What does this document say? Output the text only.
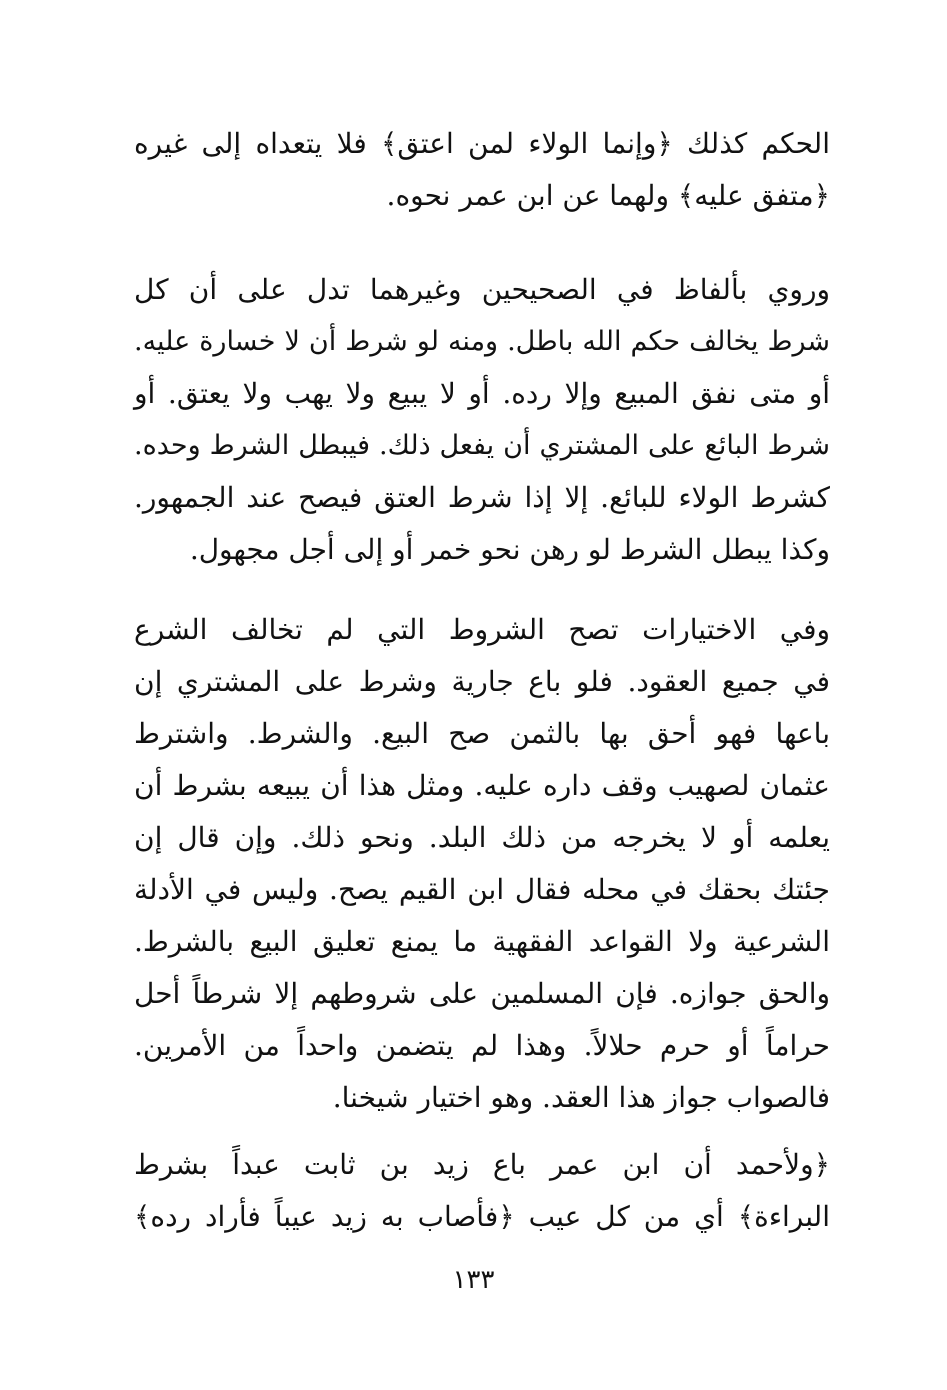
الحكم كذلك ﴿وإنما الولاء لمن اعتق﴾ فلا يتعداه إلى غيره
﴿متفق عليه﴾ ولهما عن ابن عمر نحوه.
وروي بألفاظ في الصحيحين وغيرهما تدل على أن كل
شرط يخالف حكم الله باطل. ومنه لو شرط أن لا خسارة عليه.
أو متى نفق المبيع وإلا رده. أو لا يبيع ولا يهب ولا يعتق. أو
شرط البائع على المشتري أن يفعل ذلك. فيبطل الشرط وحده.
كشرط الولاء للبائع. إلا إذا شرط العتق فيصح عند الجمهور.
وكذا يبطل الشرط لو رهن نحو خمر أو إلى أجل مجهول.
وفي الاختيارات تصح الشروط التي لم تخالف الشرع
في جميع العقود. فلو باع جارية وشرط على المشتري إن
باعها فهو أحق بها بالثمن صح البيع. والشرط. واشترط
عثمان لصهيب وقف داره عليه. ومثل هذا أن يبيعه بشرط أن
يعلمه أو لا يخرجه من ذلك البلد. ونحو ذلك. وإن قال إن
جئتك بحقك في محله فقال ابن القيم يصح. وليس في الأدلة
الشرعية ولا القواعد الفقهية ما يمنع تعليق البيع بالشرط.
والحق جوازه. فإن المسلمين على شروطهم إلا شرطاً أحل
حراماً أو حرم حلالاً. وهذا لم يتضمن واحداً من الأمرين.
فالصواب جواز هذا العقد. وهو اختيار شيخنا.
﴿ولأحمد أن ابن عمر باع زيد بن ثابت عبداً بشرط
البراءة﴾ أي من كل عيب ﴿فأصاب به زيد عيباً فأراد رده﴾
١٣٣
